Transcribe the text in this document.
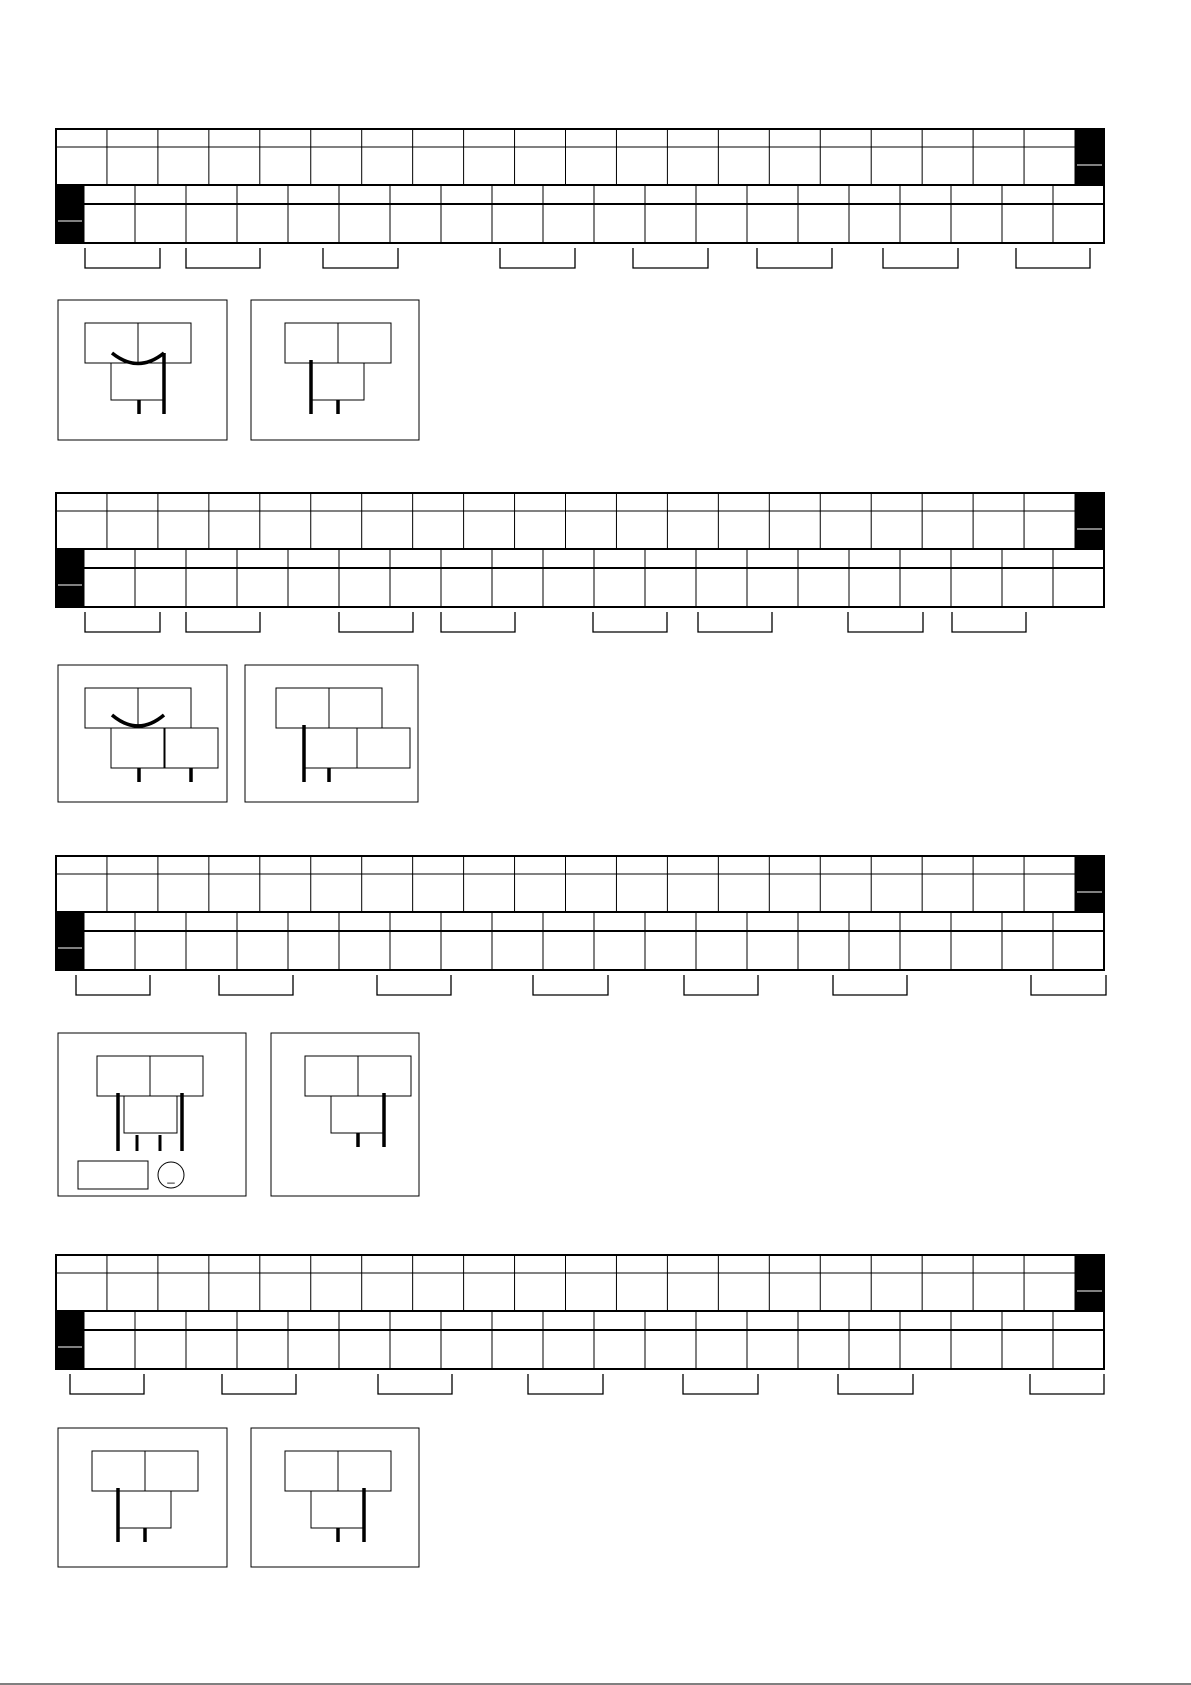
_
